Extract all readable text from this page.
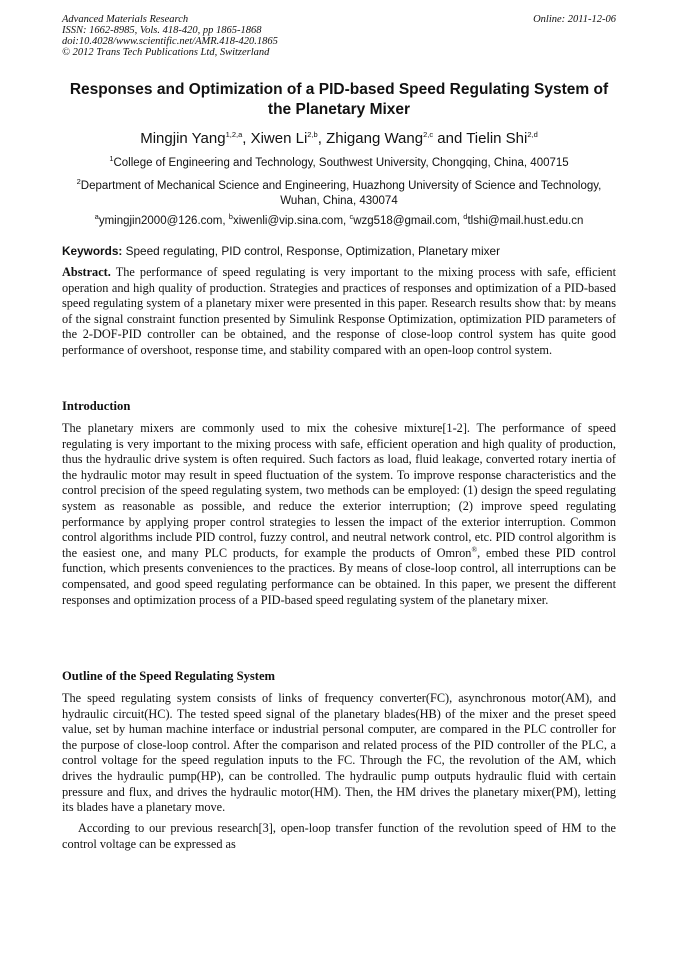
Advanced Materials Research
ISSN: 1662-8985, Vols. 418-420, pp 1865-1868
doi:10.4028/www.scientific.net/AMR.418-420.1865
© 2012 Trans Tech Publications Ltd, Switzerland
Online: 2011-12-06
Responses and Optimization of a PID-based Speed Regulating System of the Planetary Mixer
Mingjin Yang$^{1,2,a}$, Xiwen Li$^{2,b}$, Zhigang Wang$^{2,c}$ and Tielin Shi$^{2,d}$
$^1$College of Engineering and Technology, Southwest University, Chongqing, China, 400715
$^2$Department of Mechanical Science and Engineering, Huazhong University of Science and Technology, Wuhan, China, 430074
$^a$ymingjin2000@126.com, $^b$xiwenli@vip.sina.com, $^c$wzg518@gmail.com, $^d$tlshi@mail.hust.edu.cn
Keywords: Speed regulating, PID control, Response, Optimization, Planetary mixer
Abstract. The performance of speed regulating is very important to the mixing process with safe, efficient operation and high quality of production. Strategies and practices of responses and optimization of a PID-based speed regulating system of a planetary mixer were presented in this paper. Research results show that: by means of the signal constraint function presented by Simulink Response Optimization, optimization PID parameters of the 2-DOF-PID controller can be obtained, and the response of close-loop control system has quite good performance of overshoot, response time, and stability compared with an open-loop control system.
Introduction
The planetary mixers are commonly used to mix the cohesive mixture[1-2]. The performance of speed regulating is very important to the mixing process with safe, efficient operation and high quality of production, thus the hydraulic drive system is often required. Such factors as load, fluid leakage, converted rotary inertia of the hydraulic motor may result in speed fluctuation of the system. To improve response characteristics and the control precision of the speed regulating system, two methods can be employed: (1) design the speed regulating system as reasonable as possible, and reduce the exterior interruption; (2) improve speed regulating performance by applying proper control strategies to lessen the impact of the exterior interruption. Common control algorithms include PID control, fuzzy control, and neutral network control, etc. PID control algorithm is the easiest one, and many PLC products, for example the products of Omron®, embed these PID control function, which presents conveniences to the practices. By means of close-loop control, all interruptions can be compensated, and good speed regulating performance can be obtained. In this paper, we present the different responses and optimization process of a PID-based speed regulating system of the planetary mixer.
Outline of the Speed Regulating System
The speed regulating system consists of links of frequency converter(FC), asynchronous motor(AM), and hydraulic circuit(HC). The tested speed signal of the planetary blades(HB) of the mixer and the preset speed value, set by human machine interface or industrial personal computer, are compared in the PLC controller for the purpose of close-loop control. After the comparison and related process of the PID controller of the PLC, a control voltage for the speed regulation inputs to the FC. Through the FC, the revolution of the AM, which drives the hydraulic pump(HP), can be controlled. The hydraulic pump outputs hydraulic fluid with certain pressure and flux, and drives the hydraulic motor(HM). Then, the HM drives the planetary mixer(PM), letting its blades have a planetary move.
According to our previous research[3], open-loop transfer function of the revolution speed of HM to the control voltage can be expressed as
